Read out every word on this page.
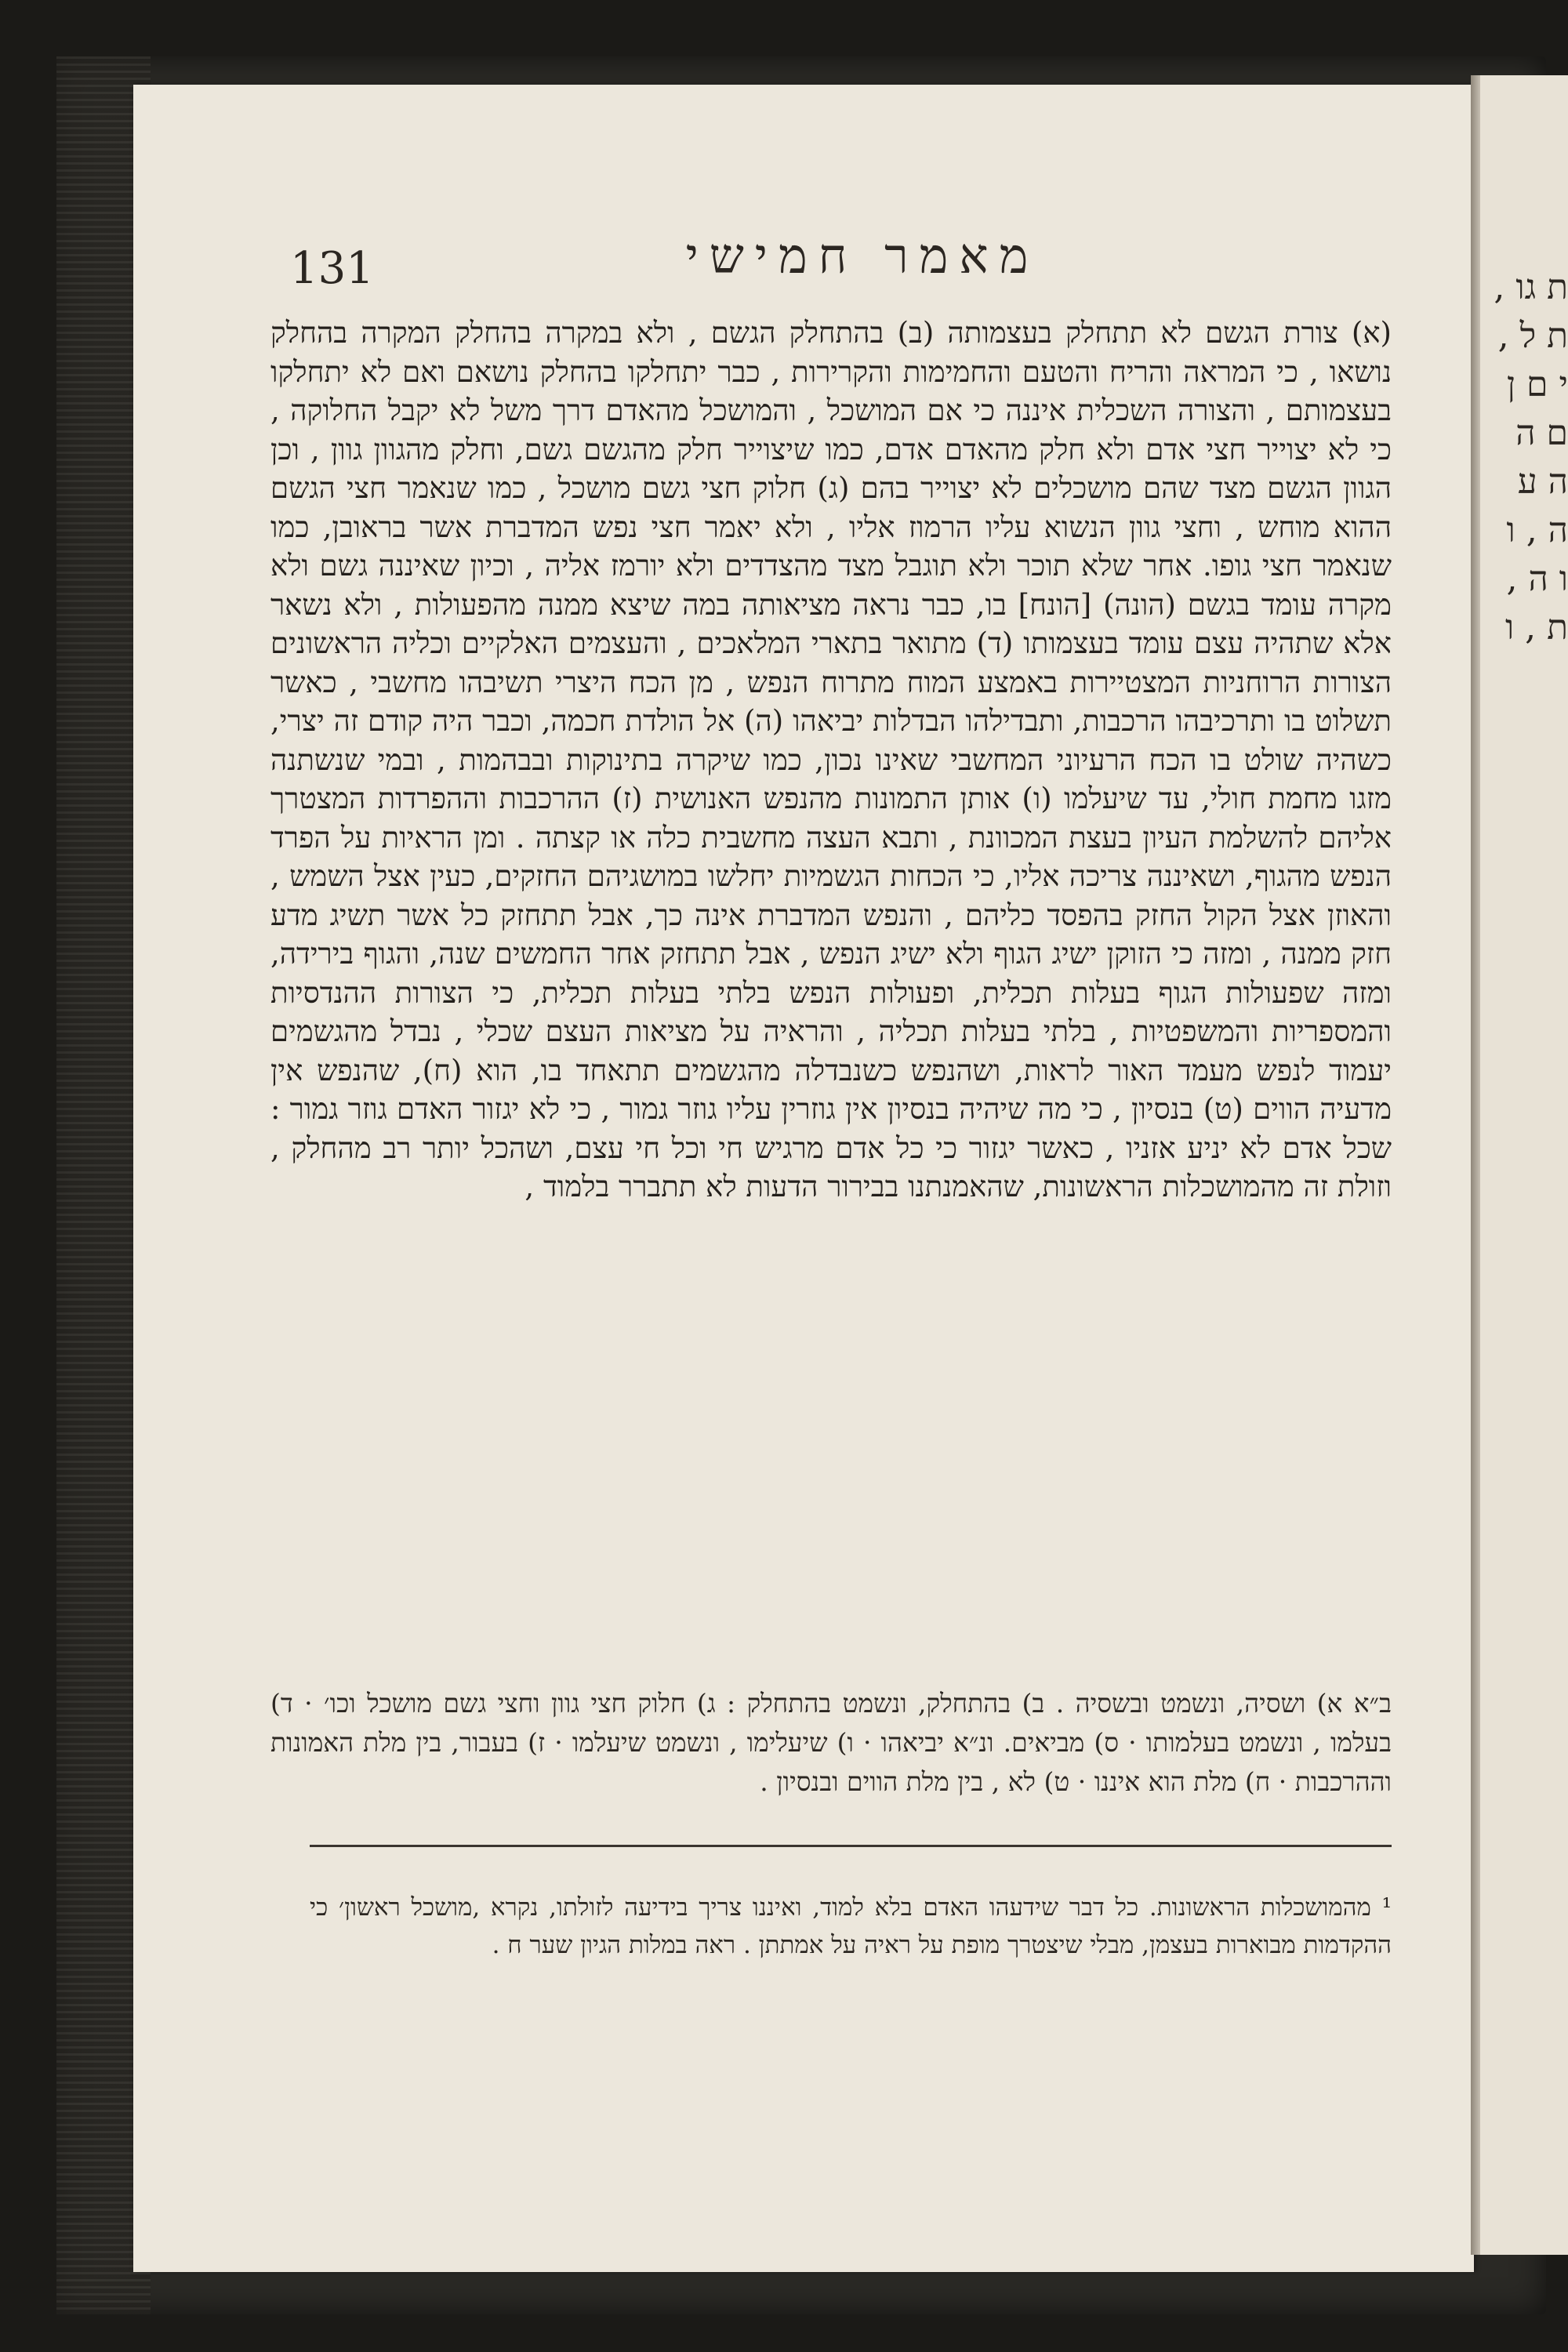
ת גו , ת ל , י ם ן ם ה ה ע ה , ו ו ה , ת , ו
131	מאמר חמישי

(א) צורת הגשם לא תתחלק בעצמותה (ב) בהתחלק הגשם , ולא במקרה בהחלק המקרה בהחלק נושאו , כי המראה והריח והטעם והחמימות והקרירות , כבר יתחלקו בהחלק נושאם ואם לא יתחלקו בעצמותם , והצורה השכלית איננה כי אם המושכל , והמושכל מהאדם דרך משל לא יקבל החלוקה , כי לא יצוייר חצי אדם ולא חלק מהאדם אדם, כמו שיצוייר חלק מהגשם גשם, וחלק מהגוון גוון , וכן הגוון הגשם מצד שהם מושכלים לא יצוייר בהם (ג) חלוק חצי גשם מושכל , כמו שנאמר חצי הגשם ההוא מוחש , וחצי גוון הנשוא עליו הרמוז אליו , ולא יאמר חצי נפש המדברת אשר בראובן, כמו שנאמר חצי גופו. אחר שלא תוכר ולא תוגבל מצד מהצדדים ולא יורמז אליה , וכיון שאיננה גשם ולא מקרה עומד בגשם (הונה) [הונח] בו, כבר נראה מציאותה במה שיצא ממנה מהפעולות , ולא נשאר אלא שתהיה עצם עומד בעצמותו (ד) מתואר בתארי המלאכים , והעצמים האלקיים וכליה הראשונים הצורות הרוחניות המצטיירות באמצע המוח מתרוח הנפש , מן הכח היצרי תשיבהו מחשבי , כאשר תשלוט בו ותרכיבהו הרכבות, ותבדילהו הבדלות יביאהו (ה) אל הולדת חכמה, וכבר היה קודם זה יצרי, כשהיה שולט בו הכח הרעיוני המחשבי שאינו נכון, כמו שיקרה בתינוקות ובבהמות , ובמי שנשתנה מזגו מחמת חולי, עד שיעלמו (ו) אותן התמונות מהנפש האנושית (ז) ההרכבות וההפרדות המצטרך אליהם להשלמת העיון בעצת המכוונת , ותבא העצה מחשבית כלה או קצתה . ומן הראיות על הפרד הנפש מהגוף, ושאיננה צריכה אליו, כי הכחות הגשמיות יחלשו במושגיהם החזקים, כעין אצל השמש , והאוזן אצל הקול החזק בהפסד כליהם , והנפש המדברת אינה כך, אבל תתחזק כל אשר תשיג מדע חזק ממנה , ומזה כי הזוקן ישיג הגוף ולא ישיג הנפש , אבל תתחזק אחר החמשים שנה, והגוף בירידה, ומזה שפעולות הגוף בעלות תכלית, ופעולות הנפש בלתי בעלות תכלית, כי הצורות ההנדסיות והמספריות והמשפטיות , בלתי בעלות תכליה , והראיה על מציאות העצם שכלי , נבדל מהגשמים יעמוד לנפש מעמד האור לראות, ושהנפש כשנבדלה מהגשמים תתאחד בו, הוא (ח), שהנפש אין מדעיה הווים (ט) בנסיון , כי מה שיהיה בנסיון אין גוזרין עליו גוזר גמור , כי לא יגזור האדם גוזר גמור : שכל אדם לא יניע אזניו , כאשר יגזור כי כל אדם מרגיש חי וכל חי עצם, ושהכל יותר רב מהחלק , וזולת זה מהמושכלות הראשונות, שהאמנתנו בבירור הדעות לא תתברר בלמוד ,

ב״א א) ושסיה, ונשמט ובשסיה . ב) בהתחלק, ונשמט בהתחלק : ג) חלוק חצי גוון וחצי גשם מושכל וכו׳ · ד) בעלמו , ונשמט בעלמותו · ס) מביאים. ונ״א יביאהו · ו) שיעלימו , ונשמט שיעלמו · ז) בעבור, בין מלת האמונות וההרכבות · ח) מלת הוא איננו · ט) לא , בין מלת הווים ובנסיון .

¹ מהמושכלות הראשונות. כל דבר שידעהו האדם בלא למוד, ואיננו צריך בידיעה לזולתו, נקרא ,מושכל ראשון׳ כי ההקדמות מבוארות בעצמן, מבלי שיצטרך מופת על ראיה על אמתתן . ראה במלות הגיון שער ח .
